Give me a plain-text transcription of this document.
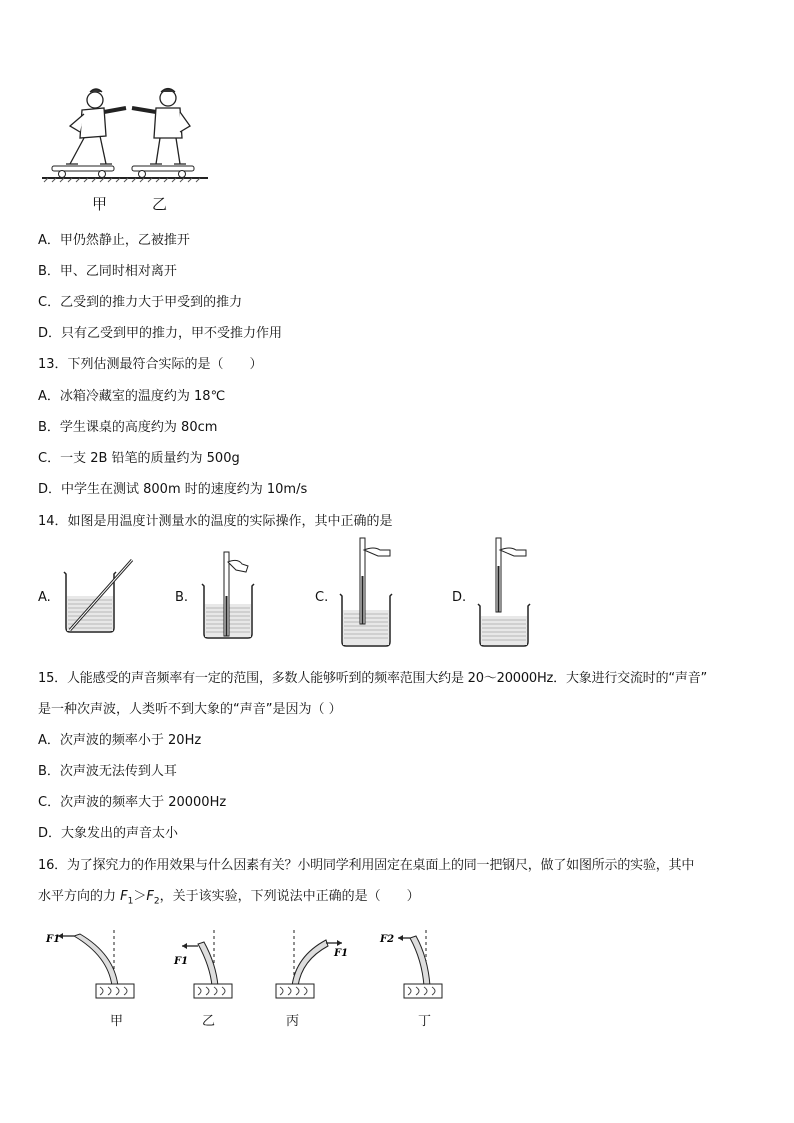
甲	乙
A．甲仍然静止，乙被推开
B．甲、乙同时相对离开
C．乙受到的推力大于甲受到的推力
D．只有乙受到甲的推力，甲不受推力作用
13．下列估测最符合实际的是（　　）
A．冰箱冷藏室的温度约为 18℃
B．学生课桌的高度约为 80cm
C．一支 2B 铅笔的质量约为 500g
D．中学生在测试 800m 时的速度约为 10m/s
14．如图是用温度计测量水的温度的实际操作，其中正确的是
A.	B.	C.	D.
15．人能感受的声音频率有一定的范围，多数人能够听到的频率范围大约是 20～20000Hz．大象进行交流时的“声音”
是一种次声波，人类听不到大象的“声音”是因为（ ）
A．次声波的频率小于 20Hz
B．次声波无法传到人耳
C．次声波的频率大于 20000Hz
D．大象发出的声音太小
16．为了探究力的作用效果与什么因素有关？小明同学利用固定在桌面上的同一把钢尺，做了如图所示的实验，其中
水平方向的力 $F_1>F_2$，关于该实验，下列说法中正确的是（　　）
F1
甲
F1
乙
F1
丙
F2
丁
